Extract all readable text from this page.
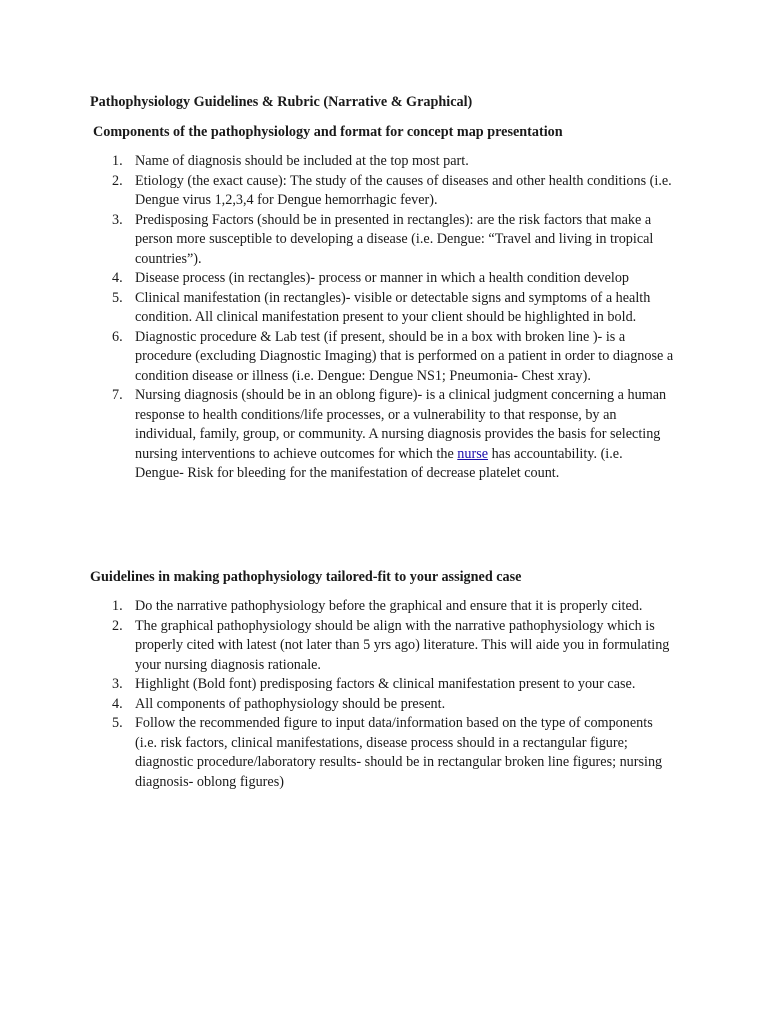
Pathophysiology Guidelines & Rubric (Narrative & Graphical)
Components of the pathophysiology and format for concept map presentation
1. Name of diagnosis should be included at the top most part.
2. Etiology (the exact cause): The study of the causes of diseases and other health conditions (i.e. Dengue virus 1,2,3,4 for Dengue hemorrhagic fever).
3. Predisposing Factors (should be in presented in rectangles): are the risk factors that make a person more susceptible to developing a disease (i.e. Dengue: “Travel and living in tropical countries”).
4. Disease process (in rectangles)- process or manner in which a health condition develop
5. Clinical manifestation (in rectangles)- visible or detectable signs and symptoms of a health condition. All clinical manifestation present to your client should be highlighted in bold.
6. Diagnostic procedure & Lab test (if present, should be in a box with broken line )- is a procedure (excluding Diagnostic Imaging) that is performed on a patient in order to diagnose a condition disease or illness (i.e. Dengue: Dengue NS1; Pneumonia- Chest xray).
7. Nursing diagnosis (should be in an oblong figure)- is a clinical judgment concerning a human response to health conditions/life processes, or a vulnerability to that response, by an individual, family, group, or community. A nursing diagnosis provides the basis for selecting nursing interventions to achieve outcomes for which the nurse has accountability. (i.e. Dengue- Risk for bleeding for the manifestation of decrease platelet count.
Guidelines in making pathophysiology tailored-fit to your assigned case
1. Do the narrative pathophysiology before the graphical and ensure that it is properly cited.
2. The graphical pathophysiology should be align with the narrative pathophysiology which is properly cited with latest (not later than 5 yrs ago) literature. This will aide you in formulating your nursing diagnosis rationale.
3. Highlight (Bold font) predisposing factors & clinical manifestation present to your case.
4. All components of pathophysiology should be present.
5. Follow the recommended figure to input data/information based on the type of components (i.e. risk factors, clinical manifestations, disease process should in a rectangular figure; diagnostic procedure/laboratory results- should be in rectangular broken line figures; nursing diagnosis- oblong figures)
